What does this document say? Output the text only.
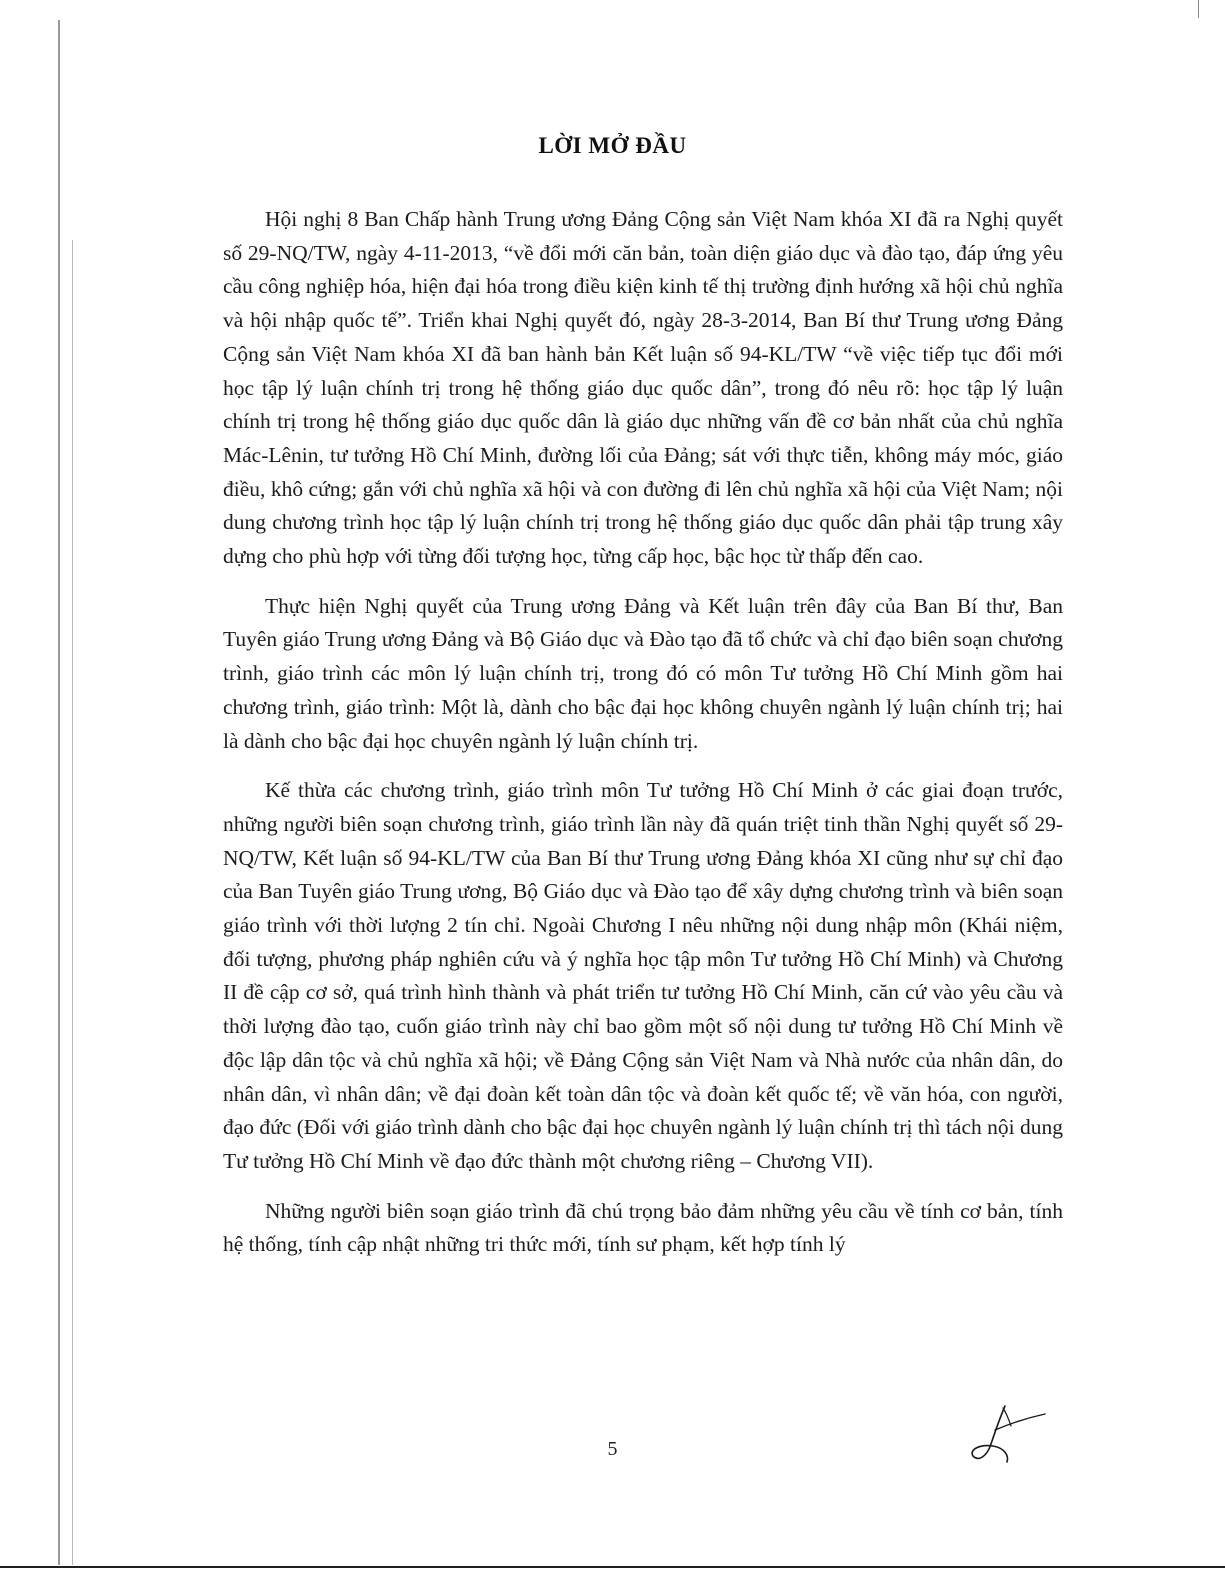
LỜI MỞ ĐẦU

Hội nghị 8 Ban Chấp hành Trung ương Đảng Cộng sản Việt Nam khóa XI đã ra Nghị quyết số 29-NQ/TW, ngày 4-11-2013, “về đổi mới căn bản, toàn diện giáo dục và đào tạo, đáp ứng yêu cầu công nghiệp hóa, hiện đại hóa trong điều kiện kinh tế thị trường định hướng xã hội chủ nghĩa và hội nhập quốc tế”. Triển khai Nghị quyết đó, ngày 28-3-2014, Ban Bí thư Trung ương Đảng Cộng sản Việt Nam khóa XI đã ban hành bản Kết luận số 94-KL/TW “về việc tiếp tục đổi mới học tập lý luận chính trị trong hệ thống giáo dục quốc dân”, trong đó nêu rõ: học tập lý luận chính trị trong hệ thống giáo dục quốc dân là giáo dục những vấn đề cơ bản nhất của chủ nghĩa Mác-Lênin, tư tưởng Hồ Chí Minh, đường lối của Đảng; sát với thực tiễn, không máy móc, giáo điều, khô cứng; gắn với chủ nghĩa xã hội và con đường đi lên chủ nghĩa xã hội của Việt Nam; nội dung chương trình học tập lý luận chính trị trong hệ thống giáo dục quốc dân phải tập trung xây dựng cho phù hợp với từng đối tượng học, từng cấp học, bậc học từ thấp đến cao.

Thực hiện Nghị quyết của Trung ương Đảng và Kết luận trên đây của Ban Bí thư, Ban Tuyên giáo Trung ương Đảng và Bộ Giáo dục và Đào tạo đã tổ chức và chỉ đạo biên soạn chương trình, giáo trình các môn lý luận chính trị, trong đó có môn Tư tưởng Hồ Chí Minh gồm hai chương trình, giáo trình: Một là, dành cho bậc đại học không chuyên ngành lý luận chính trị; hai là dành cho bậc đại học chuyên ngành lý luận chính trị.

Kế thừa các chương trình, giáo trình môn Tư tưởng Hồ Chí Minh ở các giai đoạn trước, những người biên soạn chương trình, giáo trình lần này đã quán triệt tinh thần Nghị quyết số 29-NQ/TW, Kết luận số 94-KL/TW của Ban Bí thư Trung ương Đảng khóa XI cũng như sự chỉ đạo của Ban Tuyên giáo Trung ương, Bộ Giáo dục và Đào tạo để xây dựng chương trình và biên soạn giáo trình với thời lượng 2 tín chỉ. Ngoài Chương I nêu những nội dung nhập môn (Khái niệm, đối tượng, phương pháp nghiên cứu và ý nghĩa học tập môn Tư tưởng Hồ Chí Minh) và Chương II đề cập cơ sở, quá trình hình thành và phát triển tư tưởng Hồ Chí Minh, căn cứ vào yêu cầu và thời lượng đào tạo, cuốn giáo trình này chỉ bao gồm một số nội dung tư tưởng Hồ Chí Minh về độc lập dân tộc và chủ nghĩa xã hội; về Đảng Cộng sản Việt Nam và Nhà nước của nhân dân, do nhân dân, vì nhân dân; về đại đoàn kết toàn dân tộc và đoàn kết quốc tế; về văn hóa, con người, đạo đức (Đối với giáo trình dành cho bậc đại học chuyên ngành lý luận chính trị thì tách nội dung Tư tưởng Hồ Chí Minh về đạo đức thành một chương riêng – Chương VII).

Những người biên soạn giáo trình đã chú trọng bảo đảm những yêu cầu về tính cơ bản, tính hệ thống, tính cập nhật những tri thức mới, tính sư phạm, kết hợp tính lý

5
